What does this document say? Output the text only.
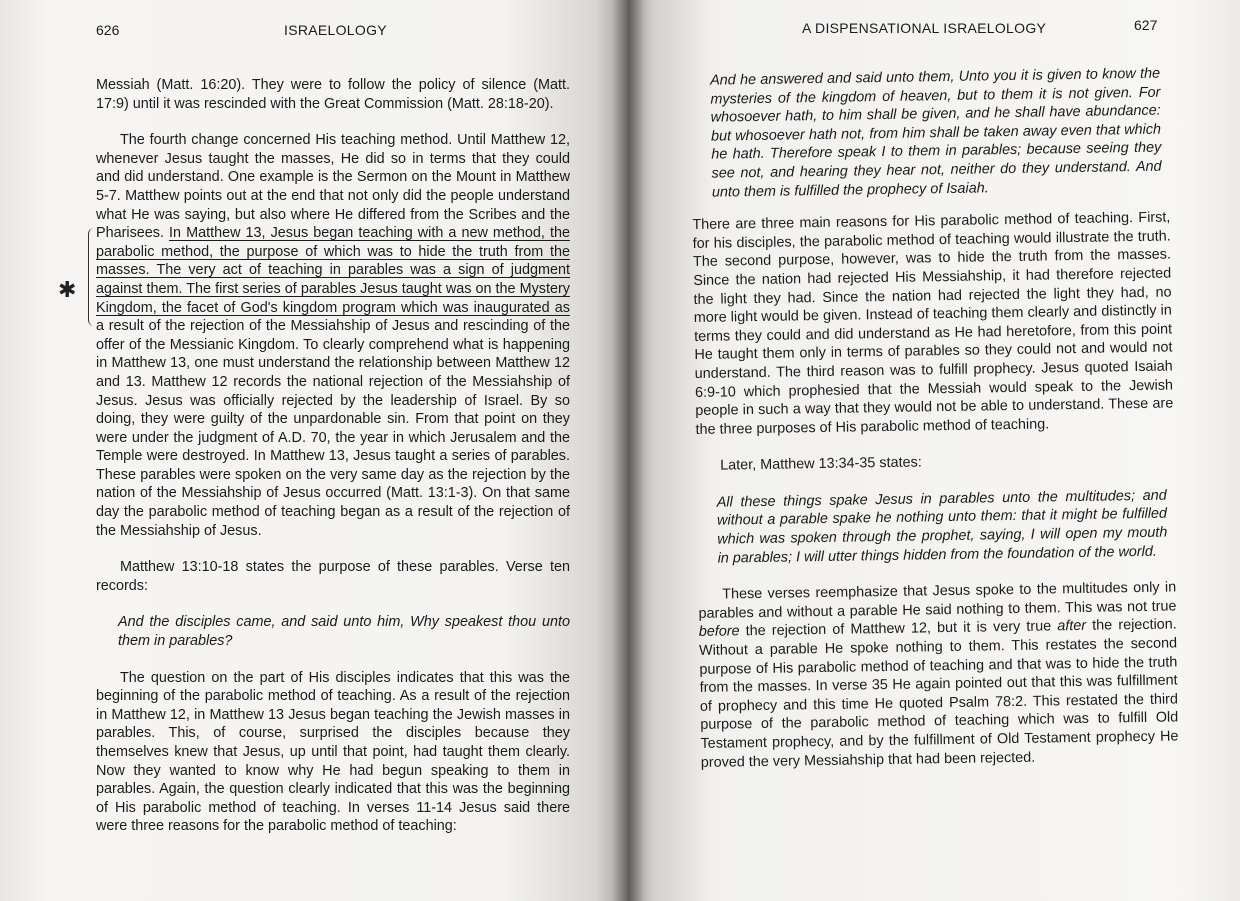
626	ISRAELOLOGY
✱

Messiah (Matt. 16:20). They were to follow the policy of silence (Matt. 17:9) until it was rescinded with the Great Commission (Matt. 28:18-20).

The fourth change concerned His teaching method. Until Matthew 12, whenever Jesus taught the masses, He did so in terms that they could and did understand. One example is the Sermon on the Mount in Matthew 5-7. Matthew points out at the end that not only did the people understand what He was saying, but also where He differed from the Scribes and the Pharisees. In Matthew 13, Jesus began teaching with a new method, the parabolic method, the purpose of which was to hide the truth from the masses. The very act of teaching in parables was a sign of judgment against them. The first series of parables Jesus taught was on the Mystery Kingdom, the facet of God's kingdom program which was inaugurated as a result of the rejection of the Messiahship of Jesus and rescinding of the offer of the Messianic Kingdom. To clearly comprehend what is happening in Matthew 13, one must understand the relationship between Matthew 12 and 13. Matthew 12 records the national rejection of the Messiahship of Jesus. Jesus was officially rejected by the leadership of Israel. By so doing, they were guilty of the unpardonable sin. From that point on they were under the judgment of A.D. 70, the year in which Jerusalem and the Temple were destroyed. In Matthew 13, Jesus taught a series of parables. These parables were spoken on the very same day as the rejection by the nation of the Messiahship of Jesus occurred (Matt. 13:1-3). On that same day the parabolic method of teaching began as a result of the rejection of the Messiahship of Jesus.

Matthew 13:10-18 states the purpose of these parables. Verse ten records:

And the disciples came, and said unto him, Why speakest thou unto them in parables?

The question on the part of His disciples indicates that this was the beginning of the parabolic method of teaching. As a result of the rejection in Matthew 12, in Matthew 13 Jesus began teaching the Jewish masses in parables. This, of course, surprised the disciples because they themselves knew that Jesus, up until that point, had taught them clearly. Now they wanted to know why He had begun speaking to them in parables. Again, the question clearly indicated that this was the beginning of His parabolic method of teaching. In verses 11-14 Jesus said there were three reasons for the parabolic method of teaching:

A DISPENSATIONAL ISRAELOLOGY	627

And he answered and said unto them, Unto you it is given to know the mysteries of the kingdom of heaven, but to them it is not given. For whosoever hath, to him shall be given, and he shall have abundance: but whosoever hath not, from him shall be taken away even that which he hath. Therefore speak I to them in parables; because seeing they see not, and hearing they hear not, neither do they understand. And unto them is fulfilled the prophecy of Isaiah.

There are three main reasons for His parabolic method of teaching. First, for his disciples, the parabolic method of teaching would illustrate the truth. The second purpose, however, was to hide the truth from the masses. Since the nation had rejected His Messiahship, it had therefore rejected the light they had. Since the nation had rejected the light they had, no more light would be given. Instead of teaching them clearly and distinctly in terms they could and did understand as He had heretofore, from this point He taught them only in terms of parables so they could not and would not understand. The third reason was to fulfill prophecy. Jesus quoted Isaiah 6:9-10 which prophesied that the Messiah would speak to the Jewish people in such a way that they would not be able to understand. These are the three purposes of His parabolic method of teaching.

Later, Matthew 13:34-35 states:

All these things spake Jesus in parables unto the multitudes; and without a parable spake he nothing unto them: that it might be fulfilled which was spoken through the prophet, saying, I will open my mouth in parables; I will utter things hidden from the foundation of the world.

These verses reemphasize that Jesus spoke to the multitudes only in parables and without a parable He said nothing to them. This was not true before the rejection of Matthew 12, but it is very true after the rejection. Without a parable He spoke nothing to them. This restates the second purpose of His parabolic method of teaching and that was to hide the truth from the masses. In verse 35 He again pointed out that this was fulfillment of prophecy and this time He quoted Psalm 78:2. This restated the third purpose of the parabolic method of teaching which was to fulfill Old Testament prophecy, and by the fulfillment of Old Testament prophecy He proved the very Messiahship that had been rejected.
